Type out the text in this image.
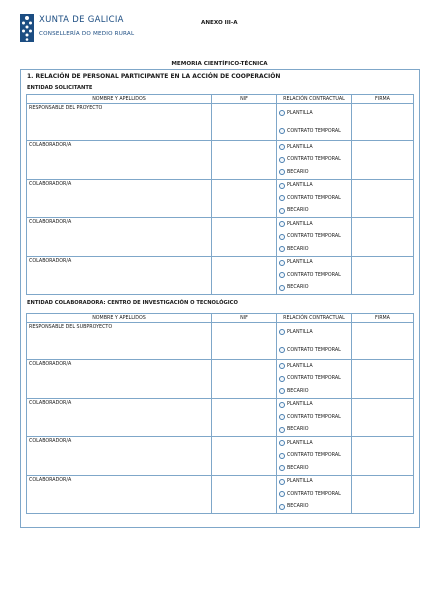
XUNTA DE GALICIA
CONSELLERÍA DO MEDIO RURAL
ANEXO III-A
MEMORIA CIENTÍFICO-TÉCNICA
1. RELACIÓN DE PERSONAL PARTICIPANTE EN LA ACCIÓN DE COOPERACIÓN
ENTIDAD SOLICITANTE
NOMBRE Y APELLIDOS	NIF	RELACIÓN CONTRACTUAL	FIRMA
RESPONSABLE DEL PROYECTO		PLANTILLA
CONTRATO TEMPORAL	

COLABORADOR/A		PLANTILLA
CONTRATO TEMPORAL
BECARIO	

COLABORADOR/A		PLANTILLA
CONTRATO TEMPORAL
BECARIO	

COLABORADOR/A		PLANTILLA
CONTRATO TEMPORAL
BECARIO	

COLABORADOR/A		PLANTILLA
CONTRATO TEMPORAL
BECARIO	

ENTIDAD COLABORADORA: CENTRO DE INVESTIGACIÓN O TECNOLÓGICO
NOMBRE Y APELLIDOS	NIF	RELACIÓN CONTRACTUAL	FIRMA
RESPONSABLE DEL SUBPROYECTO		PLANTILLA
CONTRATO TEMPORAL	

COLABORADOR/A		PLANTILLA
CONTRATO TEMPORAL
BECARIO	

COLABORADOR/A		PLANTILLA
CONTRATO TEMPORAL
BECARIO	

COLABORADOR/A		PLANTILLA
CONTRATO TEMPORAL
BECARIO	

COLABORADOR/A		PLANTILLA
CONTRATO TEMPORAL
BECARIO	
